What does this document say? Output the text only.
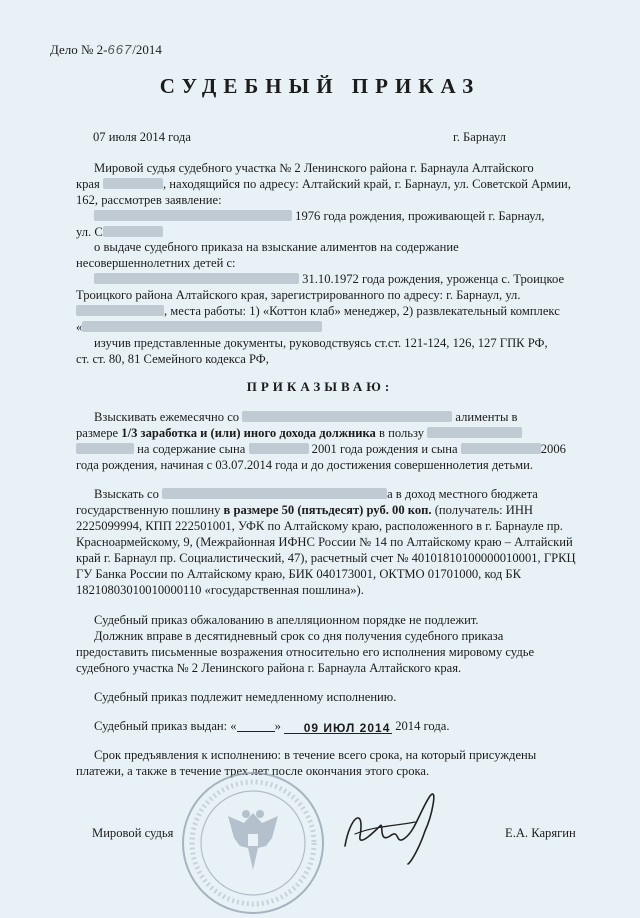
Дело № 2-667/2014
СУДЕБНЫЙ ПРИКАЗ
07 июля 2014 года	г. Барнаул
Мировой судья судебного участка № 2 Ленинского района г. Барнаула Алтайского
края	, находящийся по адресу: Алтайский край, г. Барнаул, ул. Советской Армии,
162, рассмотрев заявление:
1976 года рождения, проживающей г. Барнаул,
ул. С
о выдаче судебного приказа на взыскание алиментов на содержание
несовершеннолетних детей с:
31.10.1972 года рождения, уроженца с. Троицкое
Троицкого района Алтайского края, зарегистрированного по адресу: г. Барнаул, ул.
, места работы: 1) «Коттон клаб» менеджер, 2) развлекательный комплекс
«
изучив представленные документы, руководствуясь ст.ст. 121-124, 126, 127 ГПК РФ,
ст. ст. 80, 81 Семейного кодекса РФ,
ПРИКАЗЫВАЮ:
Взыскивать ежемесячно со	алименты в
размере 1/3 заработка и (или) иного дохода должника в пользу
на содержание сына	2001 года рождения и сына	2006
года рождения, начиная с 03.07.2014 года и до достижения совершеннолетия детьми.
Взыскать со	а в доход местного бюджета
государственную пошлину в размере 50 (пятьдесят) руб. 00 коп. (получатель: ИНН
2225099994, КПП 222501001, УФК по Алтайскому краю, расположенного в г. Барнауле пр.
Красноармейскому, 9, (Межрайонная ИФНС России № 14 по Алтайскому краю – Алтайский
край г. Барнаул пр. Социалистический, 47), расчетный счет № 40101810100000010001, ГРКЦ
ГУ Банка России по Алтайскому краю, БИК 040173001, ОКТМО 01701000, код БК
18210803010010000110 «государственная пошлина»).
Судебный приказ обжалованию в апелляционном порядке не подлежит.
Должник вправе в десятидневный срок со дня получения судебного приказа
предоставить письменные возражения относительно его исполнения мировому судье
судебного участка № 2 Ленинского района г. Барнаула Алтайского края.
Судебный приказ подлежит немедленному исполнению.
Судебный приказ выдан: «	» 09 ИЮЛ 2014 2014 года.
Срок предъявления к исполнению: в течение всего срока, на который присуждены
платежи, а также в течение трех лет после окончания этого срока.
Мировой судья	Е.А. Карягин
